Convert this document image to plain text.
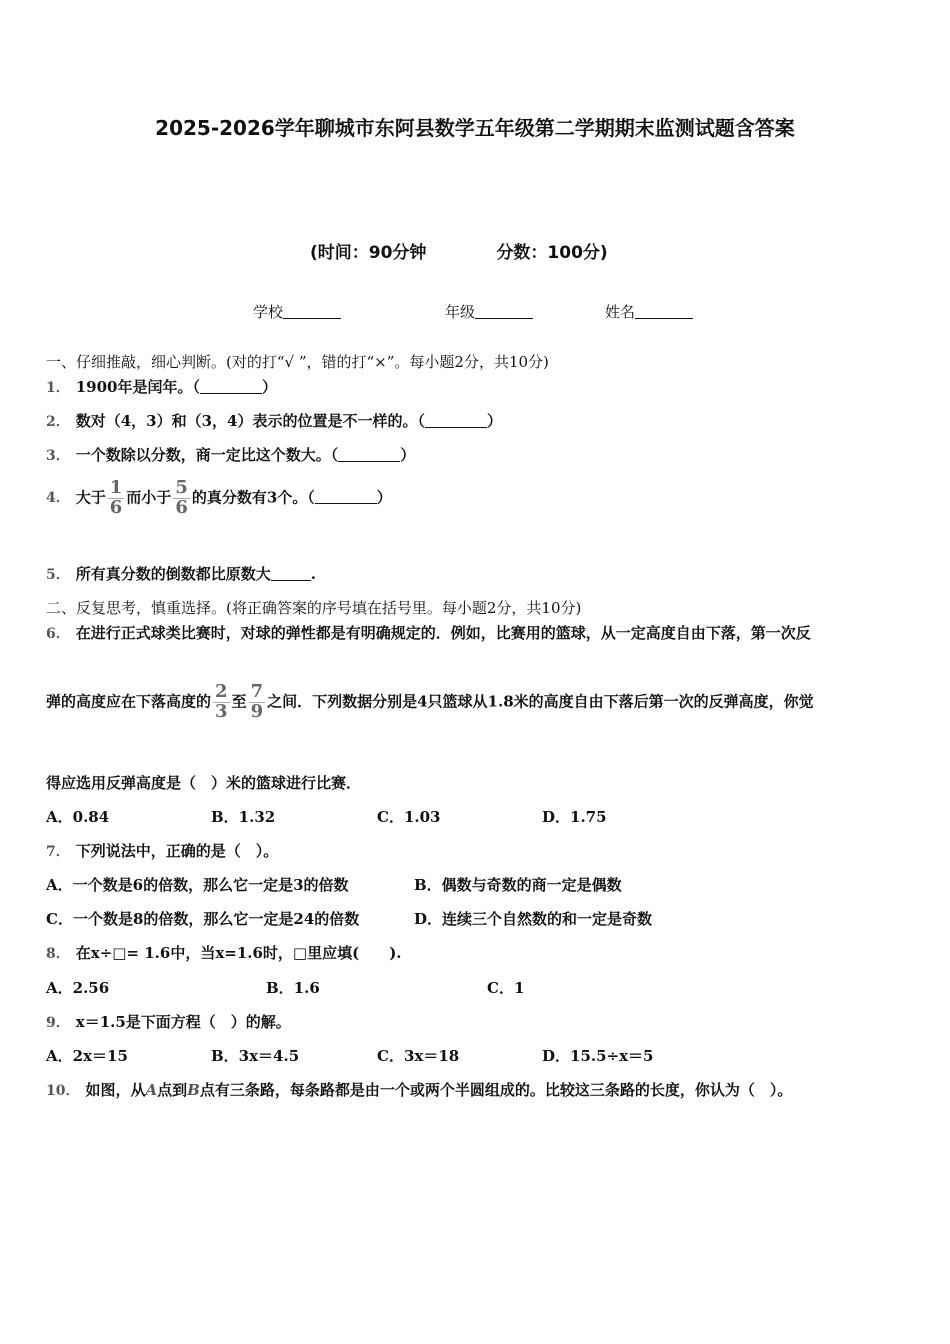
2025-2026学年聊城市东阿县数学五年级第二学期期末监测试题含答案
(时间：90分钟	分数：100分)
学校	年级	姓名
一、仔细推敲，细心判断。(对的打“√ ”，错的打“×”。每小题2分，共10分)
1． 1900年是闰年。（	）
2． 数对（4，3）和（3，4）表示的位置是不一样的。（	）
3． 一个数除以分数，商一定比这个数大。（	）
4． 大于 $\frac{1}{6}$ 而小于 $\frac{5}{6}$ 的真分数有3个。（	）
5． 所有真分数的倒数都比原数大	.
二、反复思考，慎重选择。(将正确答案的序号填在括号里。每小题2分，共10分)
6． 在进行正式球类比赛时，对球的弹性都是有明确规定的．例如，比赛用的篮球，从一定高度自由下落，第一次反
弹的高度应在下落高度的 $\frac{2}{3}$ 至 $\frac{7}{9}$ 之间．下列数据分别是4只篮球从1.8米的高度自由下落后第一次的反弹高度，你觉
得应选用反弹高度是（　）米的篮球进行比赛．
A．0.84	B．1.32	C．1.03	D．1.75
7． 下列说法中，正确的是（　）。
A．一个数是6的倍数，那么它一定是3的倍数	B．偶数与奇数的商一定是偶数
C．一个数是8的倍数，那么它一定是24的倍数	D．连续三个自然数的和一定是奇数
8． 在x÷□= 1.6中，当x=1.6时，□里应填(　　).
A．2.56	B．1.6	C．1
9． x＝1.5是下面方程（　）的解。
A．2x＝15	B．3x＝4.5	C．3x＝18	D．15.5÷x＝5
10． 如图，从A点到B点有三条路，每条路都是由一个或两个半圆组成的。比较这三条路的长度，你认为（　）。
